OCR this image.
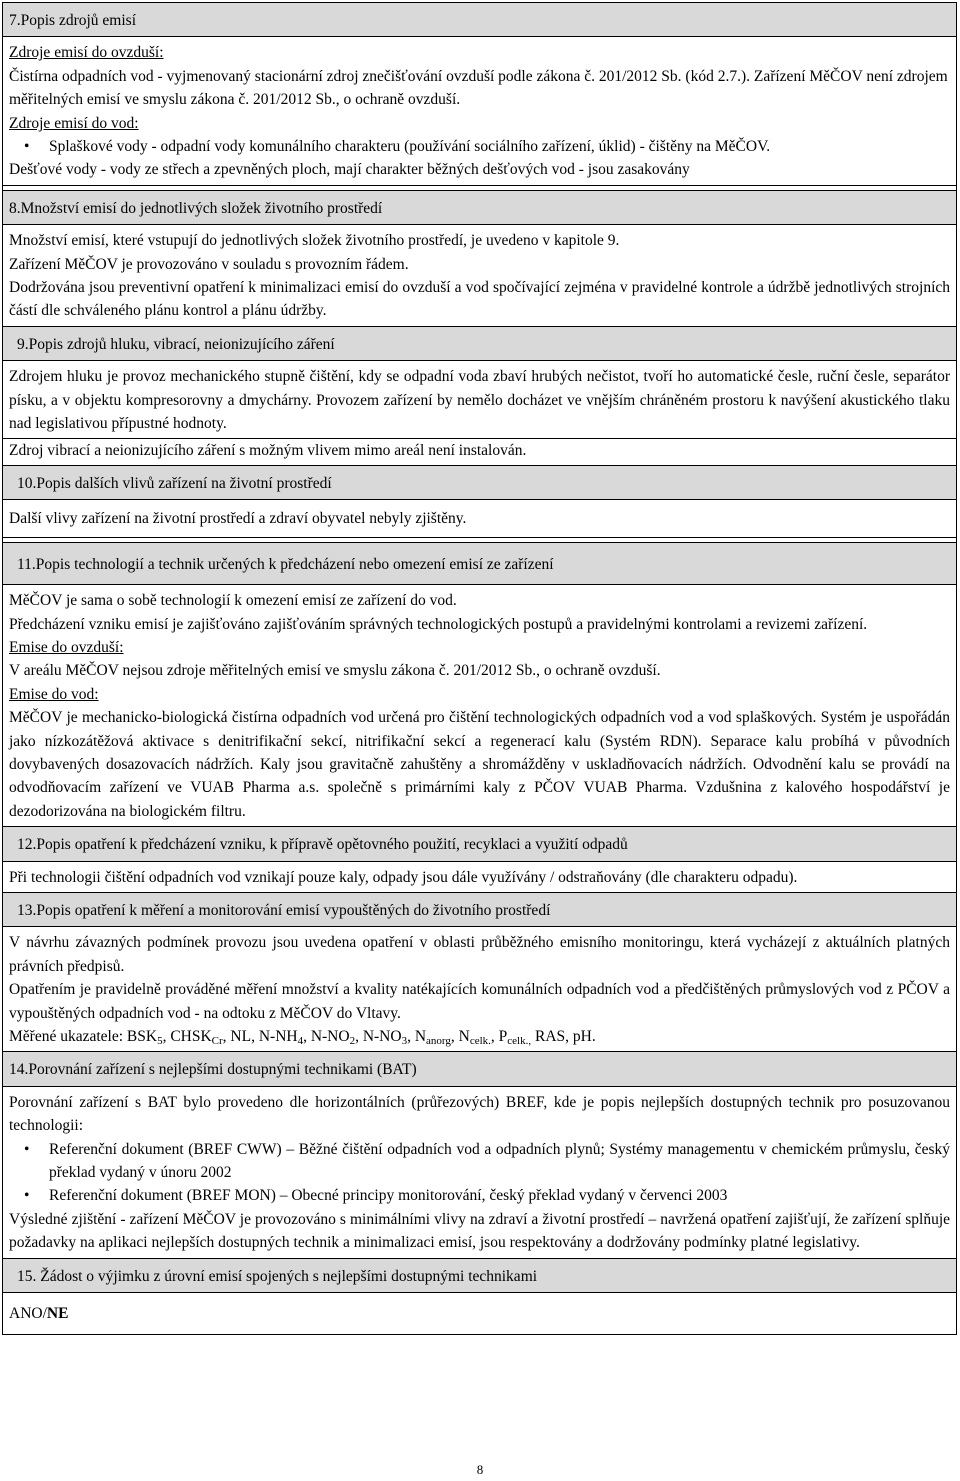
7.Popis zdrojů emisí
Zdroje emisí do ovzduší:
Čistírna odpadních vod - vyjmenovaný stacionární zdroj znečišťování ovzduší podle zákona č. 201/2012 Sb. (kód 2.7.). Zařízení MěČOV není zdrojem měřitelných emisí ve smyslu zákona č. 201/2012 Sb., o ochraně ovzduší.
Zdroje emisí do vod:
• Splaškové vody - odpadní vody komunálního charakteru (používání sociálního zařízení, úklid) - čištěny na MěČOV.
Dešťové vody - vody ze střech a zpevněných ploch, mají charakter běžných dešťových vod - jsou zasakovány
8.Množství emisí do jednotlivých složek životního prostředí
Množství emisí, které vstupují do jednotlivých složek životního prostředí, je uvedeno v kapitole 9.
Zařízení MěČOV je provozováno v souladu s provozním řádem.
Dodržována jsou preventivní opatření k minimalizaci emisí do ovzduší a vod spočívající zejména v pravidelné kontrole a údržbě jednotlivých strojních částí dle schváleného plánu kontrol a plánu údržby.
9.Popis zdrojů hluku, vibrací, neionizujícího záření
Zdrojem hluku je provoz mechanického stupně čištění, kdy se odpadní voda zbaví hrubých nečistot, tvoří ho automatické česle, ruční česle, separátor písku, a v objektu kompresorovny a dmychárny. Provozem zařízení by nemělo docházet ve vnějším chráněném prostoru k navýšení akustického tlaku nad legislativou přípustné hodnoty.
Zdroj vibrací a neionizujícího záření s možným vlivem mimo areál není instalován.
10.Popis dalších vlivů zařízení na životní prostředí
Další vlivy zařízení na životní prostředí a zdraví obyvatel nebyly zjištěny.
11.Popis technologií a technik určených k předcházení nebo omezení emisí ze zařízení
MěČOV je sama o sobě technologií k omezení emisí ze zařízení do vod.
Předcházení vzniku emisí je zajišťováno zajišťováním správných technologických postupů a pravidelnými kontrolami a revizemi zařízení.
Emise do ovzduší:
V areálu MěČOV nejsou zdroje měřitelných emisí ve smyslu zákona č. 201/2012 Sb., o ochraně ovzduší.
Emise do vod:
MěČOV je mechanicko-biologická čistírna odpadních vod určená pro čištění technologických odpadních vod a vod splaškových. Systém je uspořádán jako nízkozátěžová aktivace s denitrifikační sekcí, nitrifikační sekcí a regenerací kalu (Systém RDN). Separace kalu probíhá v původních dovybavených dosazovacích nádržích. Kaly jsou gravitačně zahuštěny a shromážděny v uskladňovacích nádržích. Odvodnění kalu se provádí na odvodňovacím zařízení ve VUAB Pharma a.s. společně s primárními kaly z PČOV VUAB Pharma. Vzdušnina z kalového hospodářství je dezodorizována na biologickém filtru.
12.Popis opatření k předcházení vzniku, k přípravě opětovného použití, recyklaci a využití odpadů
Při technologii čištění odpadních vod vznikají pouze kaly, odpady jsou dále využívány / odstraňovány (dle charakteru odpadu).
13.Popis opatření k měření a monitorování emisí vypouštěných do životního prostředí
V návrhu závazných podmínek provozu jsou uvedena opatření v oblasti průběžného emisního monitoringu, která vycházejí z aktuálních platných právních předpisů.
Opatřením je pravidelně prováděné měření množství a kvality natékajících komunálních odpadních vod a předčištěných průmyslových vod z PČOV a vypouštěných odpadních vod - na odtoku z MěČOV do Vltavy.
Měřené ukazatele: $BSK_5$, $CHSK_{Cr}$, NL, $N-NH_4$, $N-NO_2$, $N-NO_3$, $N_{anorg}$, $N_{celk.}$, $P_{celk.,}$ RAS, pH.
14.Porovnání zařízení s nejlepšími dostupnými technikami (BAT)
Porovnání zařízení s BAT bylo provedeno dle horizontálních (průřezových) BREF, kde je popis nejlepších dostupných technik pro posuzovanou technologii:
• Referenční dokument (BREF CWW) – Běžné čištění odpadních vod a odpadních plynů; Systémy managementu v chemickém průmyslu, český překlad vydaný v únoru 2002
• Referenční dokument (BREF MON) – Obecné principy monitorování, český překlad vydaný v červenci 2003
Výsledné zjištění - zařízení MěČOV je provozováno s minimálními vlivy na zdraví a životní prostředí – navržená opatření zajišťují, že zařízení splňuje požadavky na aplikaci nejlepších dostupných technik a minimalizaci emisí, jsou respektovány a dodržovány podmínky platné legislativy.
15. Žádost o výjimku z úrovní emisí spojených s nejlepšími dostupnými technikami
ANO/NE
8
